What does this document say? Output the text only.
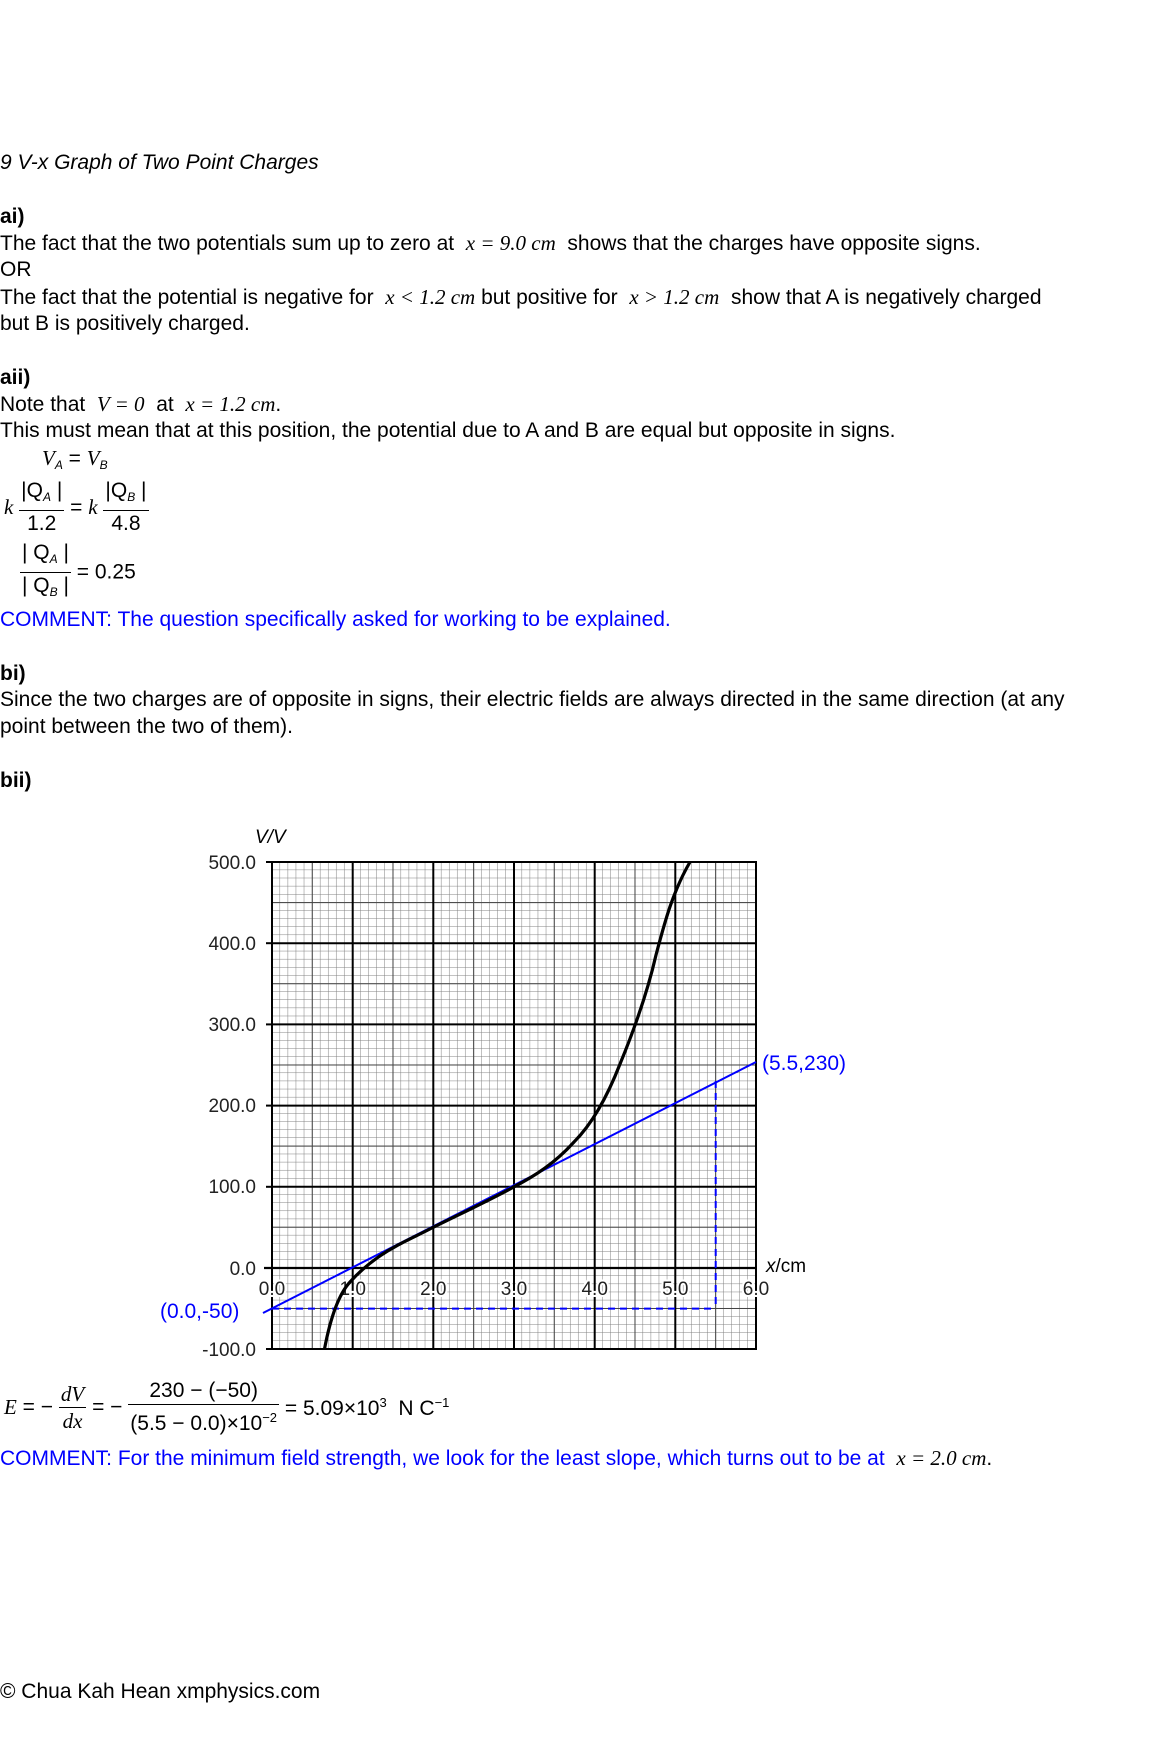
9 V-x Graph of Two Point Charges
ai)
The fact that the two potentials sum up to zero at x = 9.0 cm shows that the charges have opposite signs.
OR
The fact that the potential is negative for x < 1.2 cm but positive for x > 1.2 cm show that A is negatively charged
but B is positively charged.
aii)
Note that V = 0 at x = 1.2 cm.
This must mean that at this position, the potential due to A and B are equal but opposite in signs.
$V_A = V_B$
k $\frac{|Q_A |}{1.2} = k \frac{|Q_B |}{4.8}$
$\frac{| Q_A |}{| Q_B |} = 0.25$
COMMENT: The question specifically asked for working to be explained.
bi)
Since the two charges are of opposite in signs, their electric fields are always directed in the same direction (at any
point between the two of them).
bii)
500.0
400.0
300.0
200.0
100.0
0.0
-100.0
V/V
0.0	1.0	2.0	3.0	4.0	5.0	6.0
x/cm
(5.5,230)
(0.0,-50)
E = − $\frac{dV}{dx}$ = − $\frac{230 - (-50)}{(5.5 - 0.0)\times 10^{-2}} = 5.09\times 10^3$ N $C^{-1}$
COMMENT: For the minimum field strength, we look for the least slope, which turns out to be at x = 2.0 cm.
© Chua Kah Hean xmphysics.com
